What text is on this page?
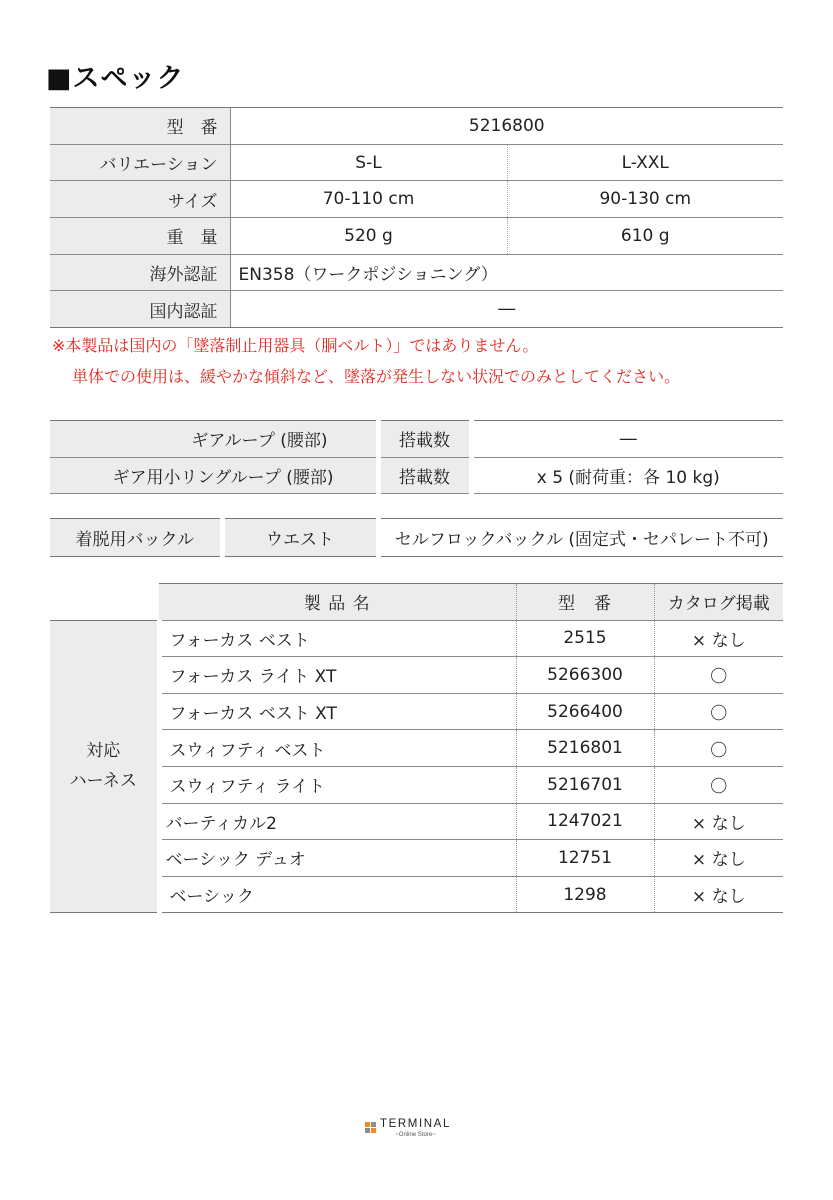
■スペック
型　番	5216800	
バリエーション	S-L	L-XXL
サイズ	70-110 cm	90-130 cm
重　量	520 g	610 g
海外認証	EN358（ワークポジショニング）	
国内認証	―	
※本製品は国内の「墜落制止用器具（胴ベルト）」ではありません。
単体での使用は、緩やかな傾斜など、墜落が発生しない状況でのみとしてください。
ギアループ (腰部)	搭載数	―
ギア用小リングループ (腰部)	搭載数	x 5 (耐荷重：各 10 kg)
着脱用バックル	ウエスト	セルフロックバックル (固定式・セパレート不可)
	製 品 名	型　番	カタログ掲載
対応
ハーネス	フォーカス ベスト	2515	× なし
	フォーカス ライト XT	5266300	〇
	フォーカス ベスト XT	5266400	〇
	スウィフティ ベスト	5216801	〇
	スウィフティ ライト	5216701	〇
	バーティカル2	1247021	× なし
	ベーシック デュオ	12751	× なし
	ベーシック	1298	× なし
TERMINAL
~Online Store~
